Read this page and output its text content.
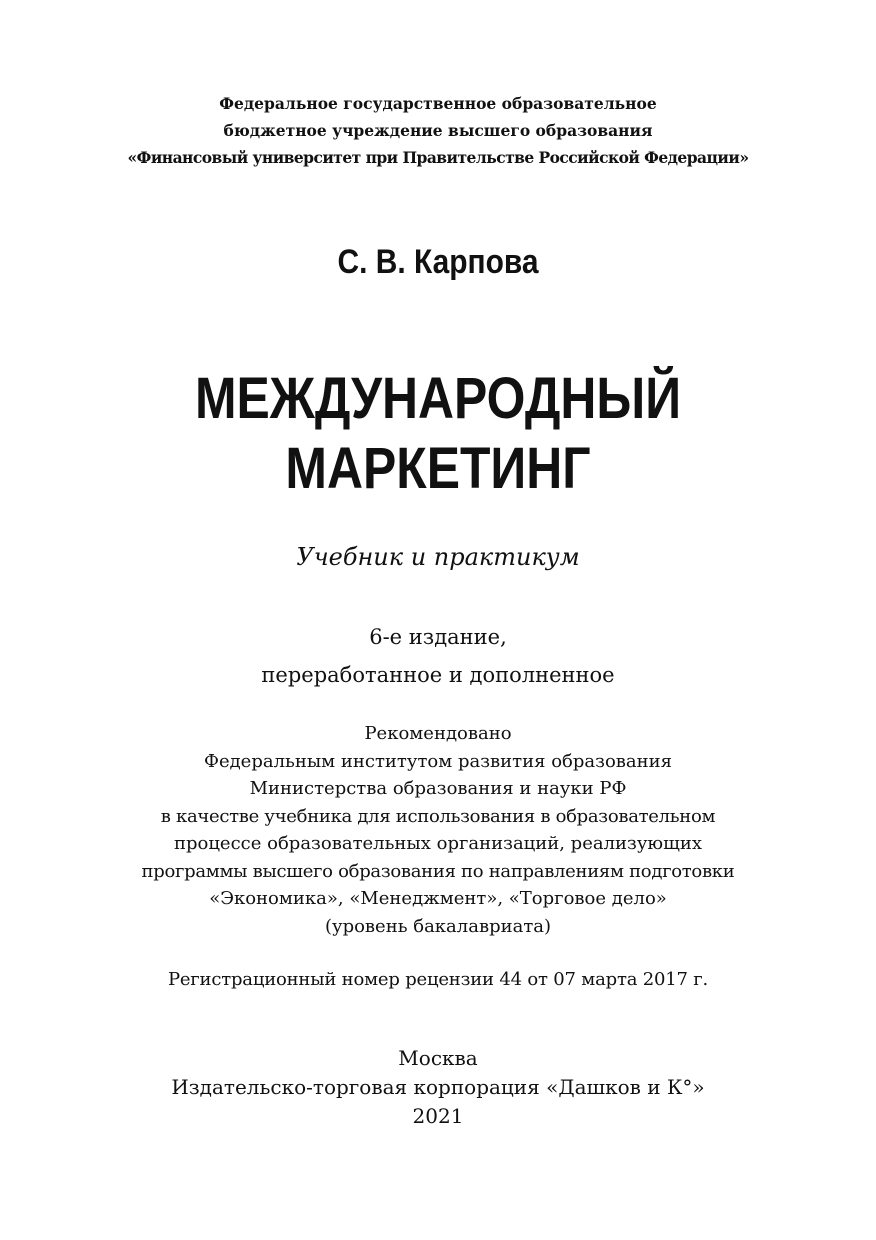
Федеральное государственное образовательное
бюджетное учреждение высшего образования
«Финансовый университет при Правительстве Российской Федерации»
С. В. Карпова
МЕЖДУНАРОДНЫЙ
МАРКЕТИНГ
Учебник и практикум
6-е издание,
переработанное и дополненное
Рекомендовано
Федеральным институтом развития образования
Министерства образования и науки РФ
в качестве учебника для использования в образовательном
процессе образовательных организаций, реализующих
программы высшего образования по направлениям подготовки
«Экономика», «Менеджмент», «Торговое дело»
(уровень бакалавриата)
Регистрационный номер рецензии 44 от 07 марта 2017 г.
Москва
Издательско-торговая корпорация «Дашков и К°»
2021
